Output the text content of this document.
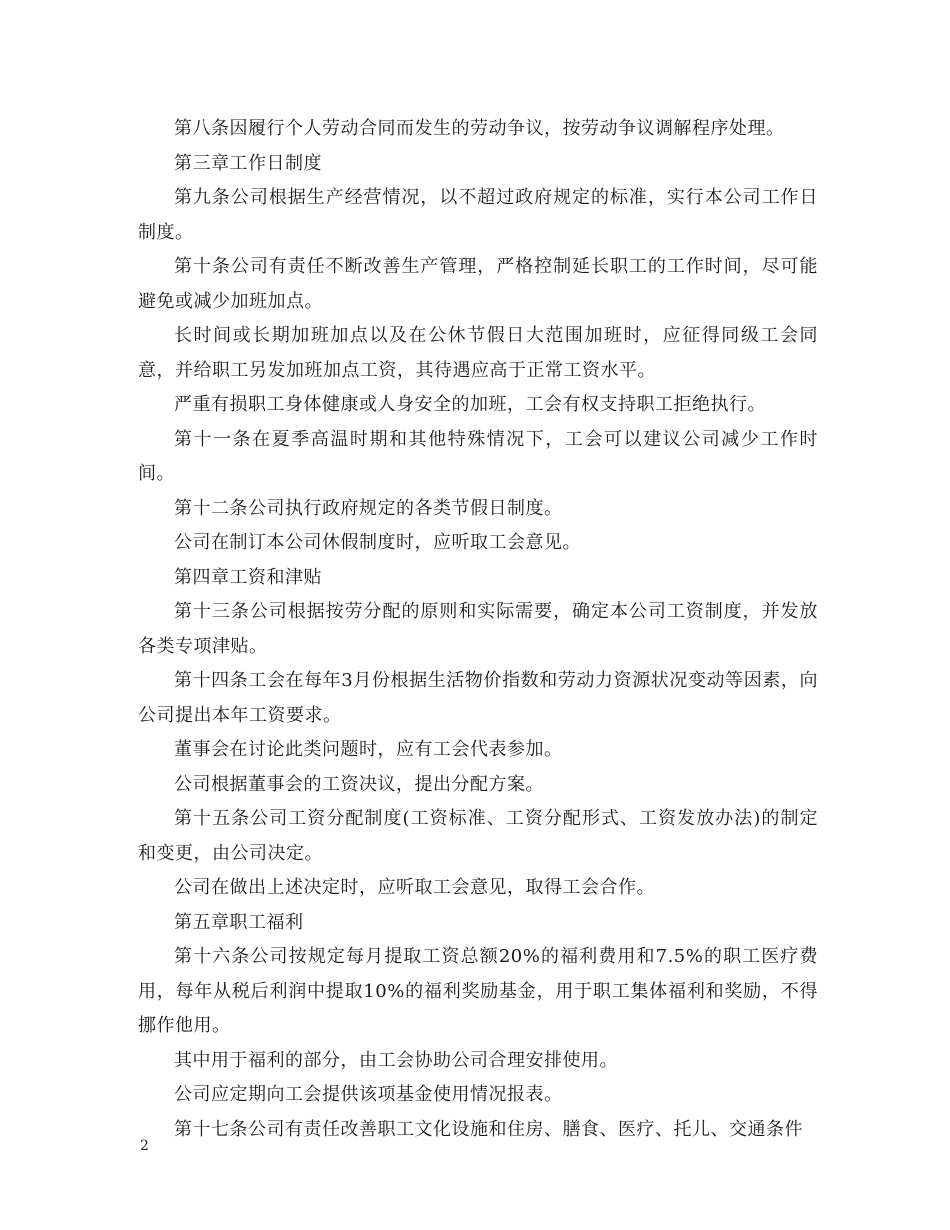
第八条因履行个人劳动合同而发生的劳动争议，按劳动争议调解程序处理。

第三章工作日制度

第九条公司根据生产经营情况，以不超过政府规定的标准，实行本公司工作日制度。

第十条公司有责任不断改善生产管理，严格控制延长职工的工作时间，尽可能避免或减少加班加点。

长时间或长期加班加点以及在公休节假日大范围加班时，应征得同级工会同意，并给职工另发加班加点工资，其待遇应高于正常工资水平。

严重有损职工身体健康或人身安全的加班，工会有权支持职工拒绝执行。

第十一条在夏季高温时期和其他特殊情况下，工会可以建议公司减少工作时间。

第十二条公司执行政府规定的各类节假日制度。

公司在制订本公司休假制度时，应听取工会意见。

第四章工资和津贴

第十三条公司根据按劳分配的原则和实际需要，确定本公司工资制度，并发放各类专项津贴。

第十四条工会在每年3月份根据生活物价指数和劳动力资源状况变动等因素，向公司提出本年工资要求。

董事会在讨论此类问题时，应有工会代表参加。

公司根据董事会的工资决议，提出分配方案。

第十五条公司工资分配制度(工资标准、工资分配形式、工资发放办法)的制定和变更，由公司决定。

公司在做出上述决定时，应听取工会意见，取得工会合作。

第五章职工福利

第十六条公司按规定每月提取工资总额20%的福利费用和7.5%的职工医疗费用，每年从税后利润中提取10%的福利奖励基金，用于职工集体福利和奖励，不得挪作他用。

其中用于福利的部分，由工会协助公司合理安排使用。

公司应定期向工会提供该项基金使用情况报表。

第十七条公司有责任改善职工文化设施和住房、膳食、医疗、托儿、交通条件

2
